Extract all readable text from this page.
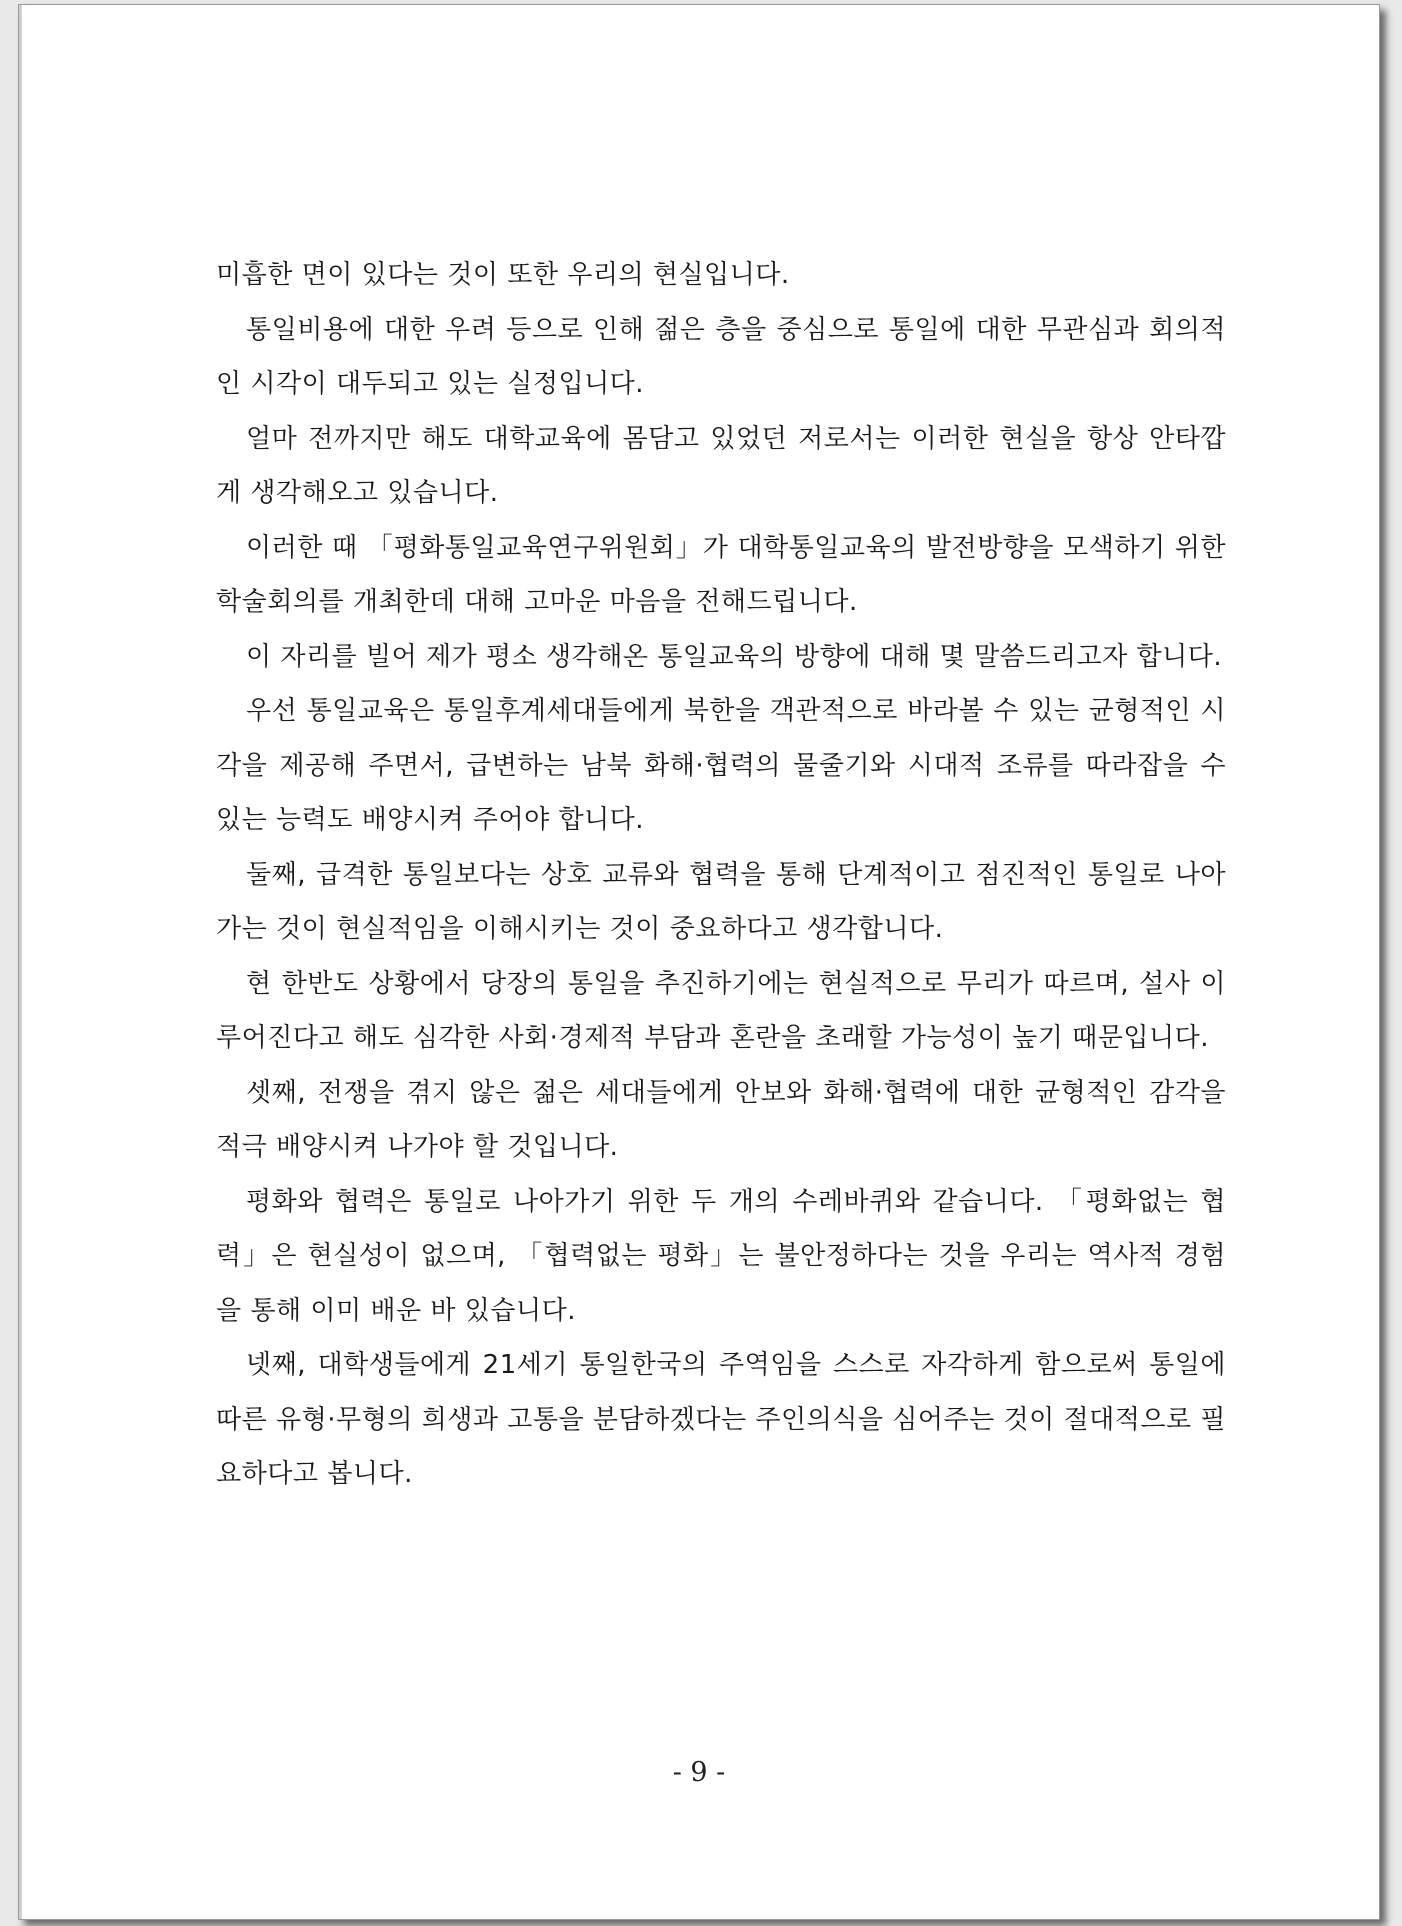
미흡한 면이 있다는 것이 또한 우리의 현실입니다.

통일비용에 대한 우려 등으로 인해 젊은 층을 중심으로 통일에 대한 무관심과 회의적인 시각이 대두되고 있는 실정입니다.

얼마 전까지만 해도 대학교육에 몸담고 있었던 저로서는 이러한 현실을 항상 안타깝게 생각해오고 있습니다.

이러한 때 「평화통일교육연구위원회」가 대학통일교육의 발전방향을 모색하기 위한 학술회의를 개최한데 대해 고마운 마음을 전해드립니다.

이 자리를 빌어 제가 평소 생각해온 통일교육의 방향에 대해 몇 말씀드리고자 합니다.

우선 통일교육은 통일후계세대들에게 북한을 객관적으로 바라볼 수 있는 균형적인 시각을 제공해 주면서, 급변하는 남북 화해·협력의 물줄기와 시대적 조류를 따라잡을 수 있는 능력도 배양시켜 주어야 합니다.

둘째, 급격한 통일보다는 상호 교류와 협력을 통해 단계적이고 점진적인 통일로 나아가는 것이 현실적임을 이해시키는 것이 중요하다고 생각합니다.

현 한반도 상황에서 당장의 통일을 추진하기에는 현실적으로 무리가 따르며, 설사 이루어진다고 해도 심각한 사회·경제적 부담과 혼란을 초래할 가능성이 높기 때문입니다.

셋째, 전쟁을 겪지 않은 젊은 세대들에게 안보와 화해·협력에 대한 균형적인 감각을 적극 배양시켜 나가야 할 것입니다.

평화와 협력은 통일로 나아가기 위한 두 개의 수레바퀴와 같습니다. 「평화없는 협력」은 현실성이 없으며, 「협력없는 평화」는 불안정하다는 것을 우리는 역사적 경험을 통해 이미 배운 바 있습니다.

넷째, 대학생들에게 21세기 통일한국의 주역임을 스스로 자각하게 함으로써 통일에 따른 유형·무형의 희생과 고통을 분담하겠다는 주인의식을 심어주는 것이 절대적으로 필요하다고 봅니다.

- 9 -
